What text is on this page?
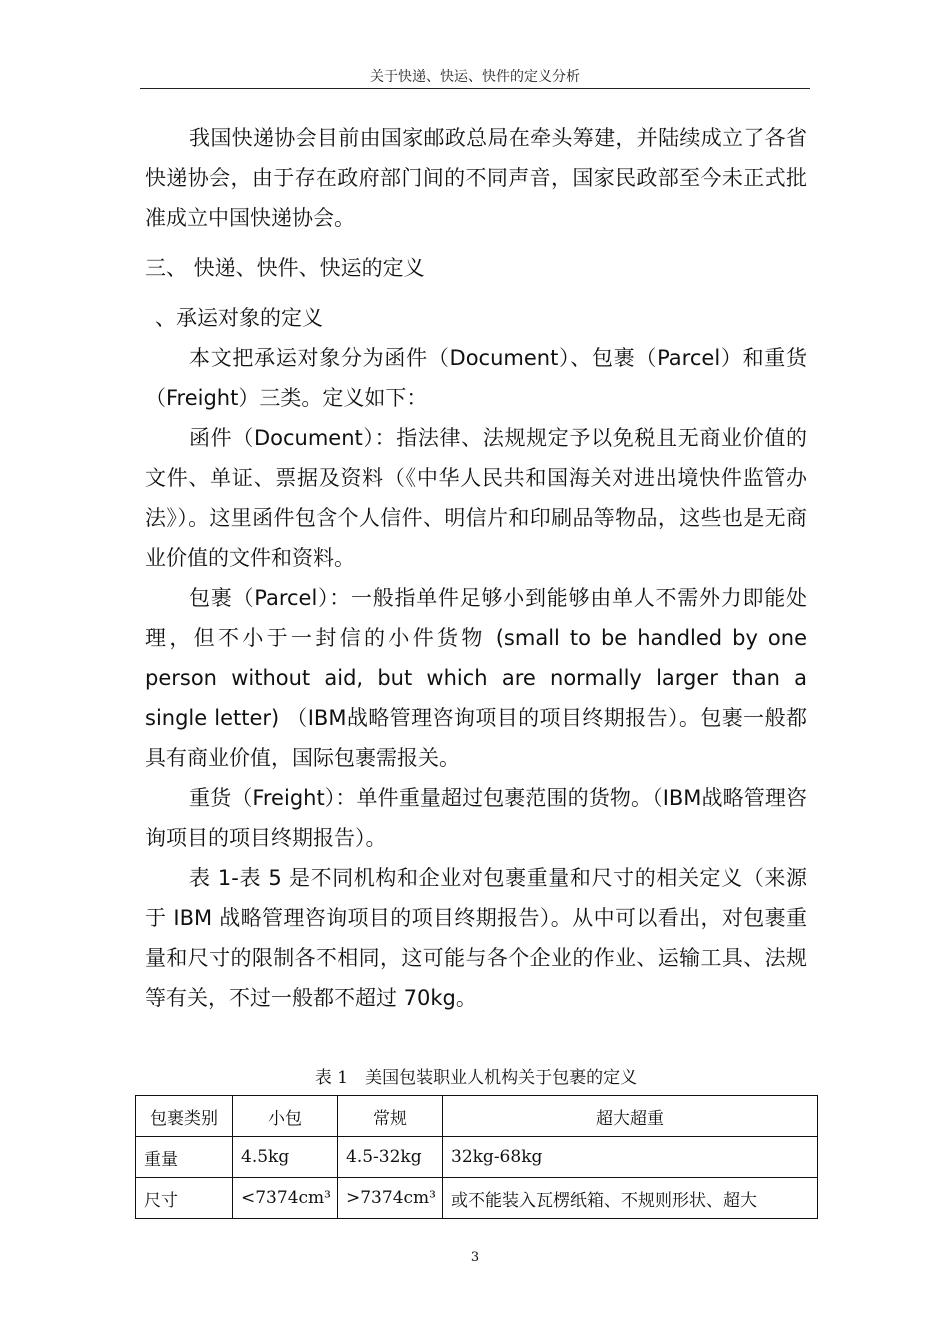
关于快递、快运、快件的定义分析

我国快递协会目前由国家邮政总局在牵头筹建，并陆续成立了各省快递协会，由于存在政府部门间的不同声音，国家民政部至今未正式批准成立中国快递协会。

三、 快递、快件、快运的定义

、承运对象的定义

本文把承运对象分为函件（Document）、包裹（Parcel）和重货（Freight）三类。定义如下：

函件（Document）：指法律、法规规定予以免税且无商业价值的文件、单证、票据及资料（《中华人民共和国海关对进出境快件监管办法》）。这里函件包含个人信件、明信片和印刷品等物品，这些也是无商业价值的文件和资料。

包裹（Parcel）：一般指单件足够小到能够由单人不需外力即能处理，但不小于一封信的小件货物 (small to be handled by one person without aid, but which are normally larger than a single letter) （IBM战略管理咨询项目的项目终期报告）。包裹一般都具有商业价值，国际包裹需报关。

重货（Freight）：单件重量超过包裹范围的货物。（IBM战略管理咨询项目的项目终期报告）。

表 1-表 5 是不同机构和企业对包裹重量和尺寸的相关定义（来源于 IBM 战略管理咨询项目的项目终期报告）。从中可以看出，对包裹重量和尺寸的限制各不相同，这可能与各个企业的作业、运输工具、法规等有关，不过一般都不超过 70kg。

表 1　美国包装职业人机构关于包裹的定义
包裹类别	小包	常规	超大超重
重量	4.5kg	4.5-32kg	32kg-68kg
尺寸	<7374cm³	>7374cm³	或不能装入瓦楞纸箱、不规则形状、超大
3
